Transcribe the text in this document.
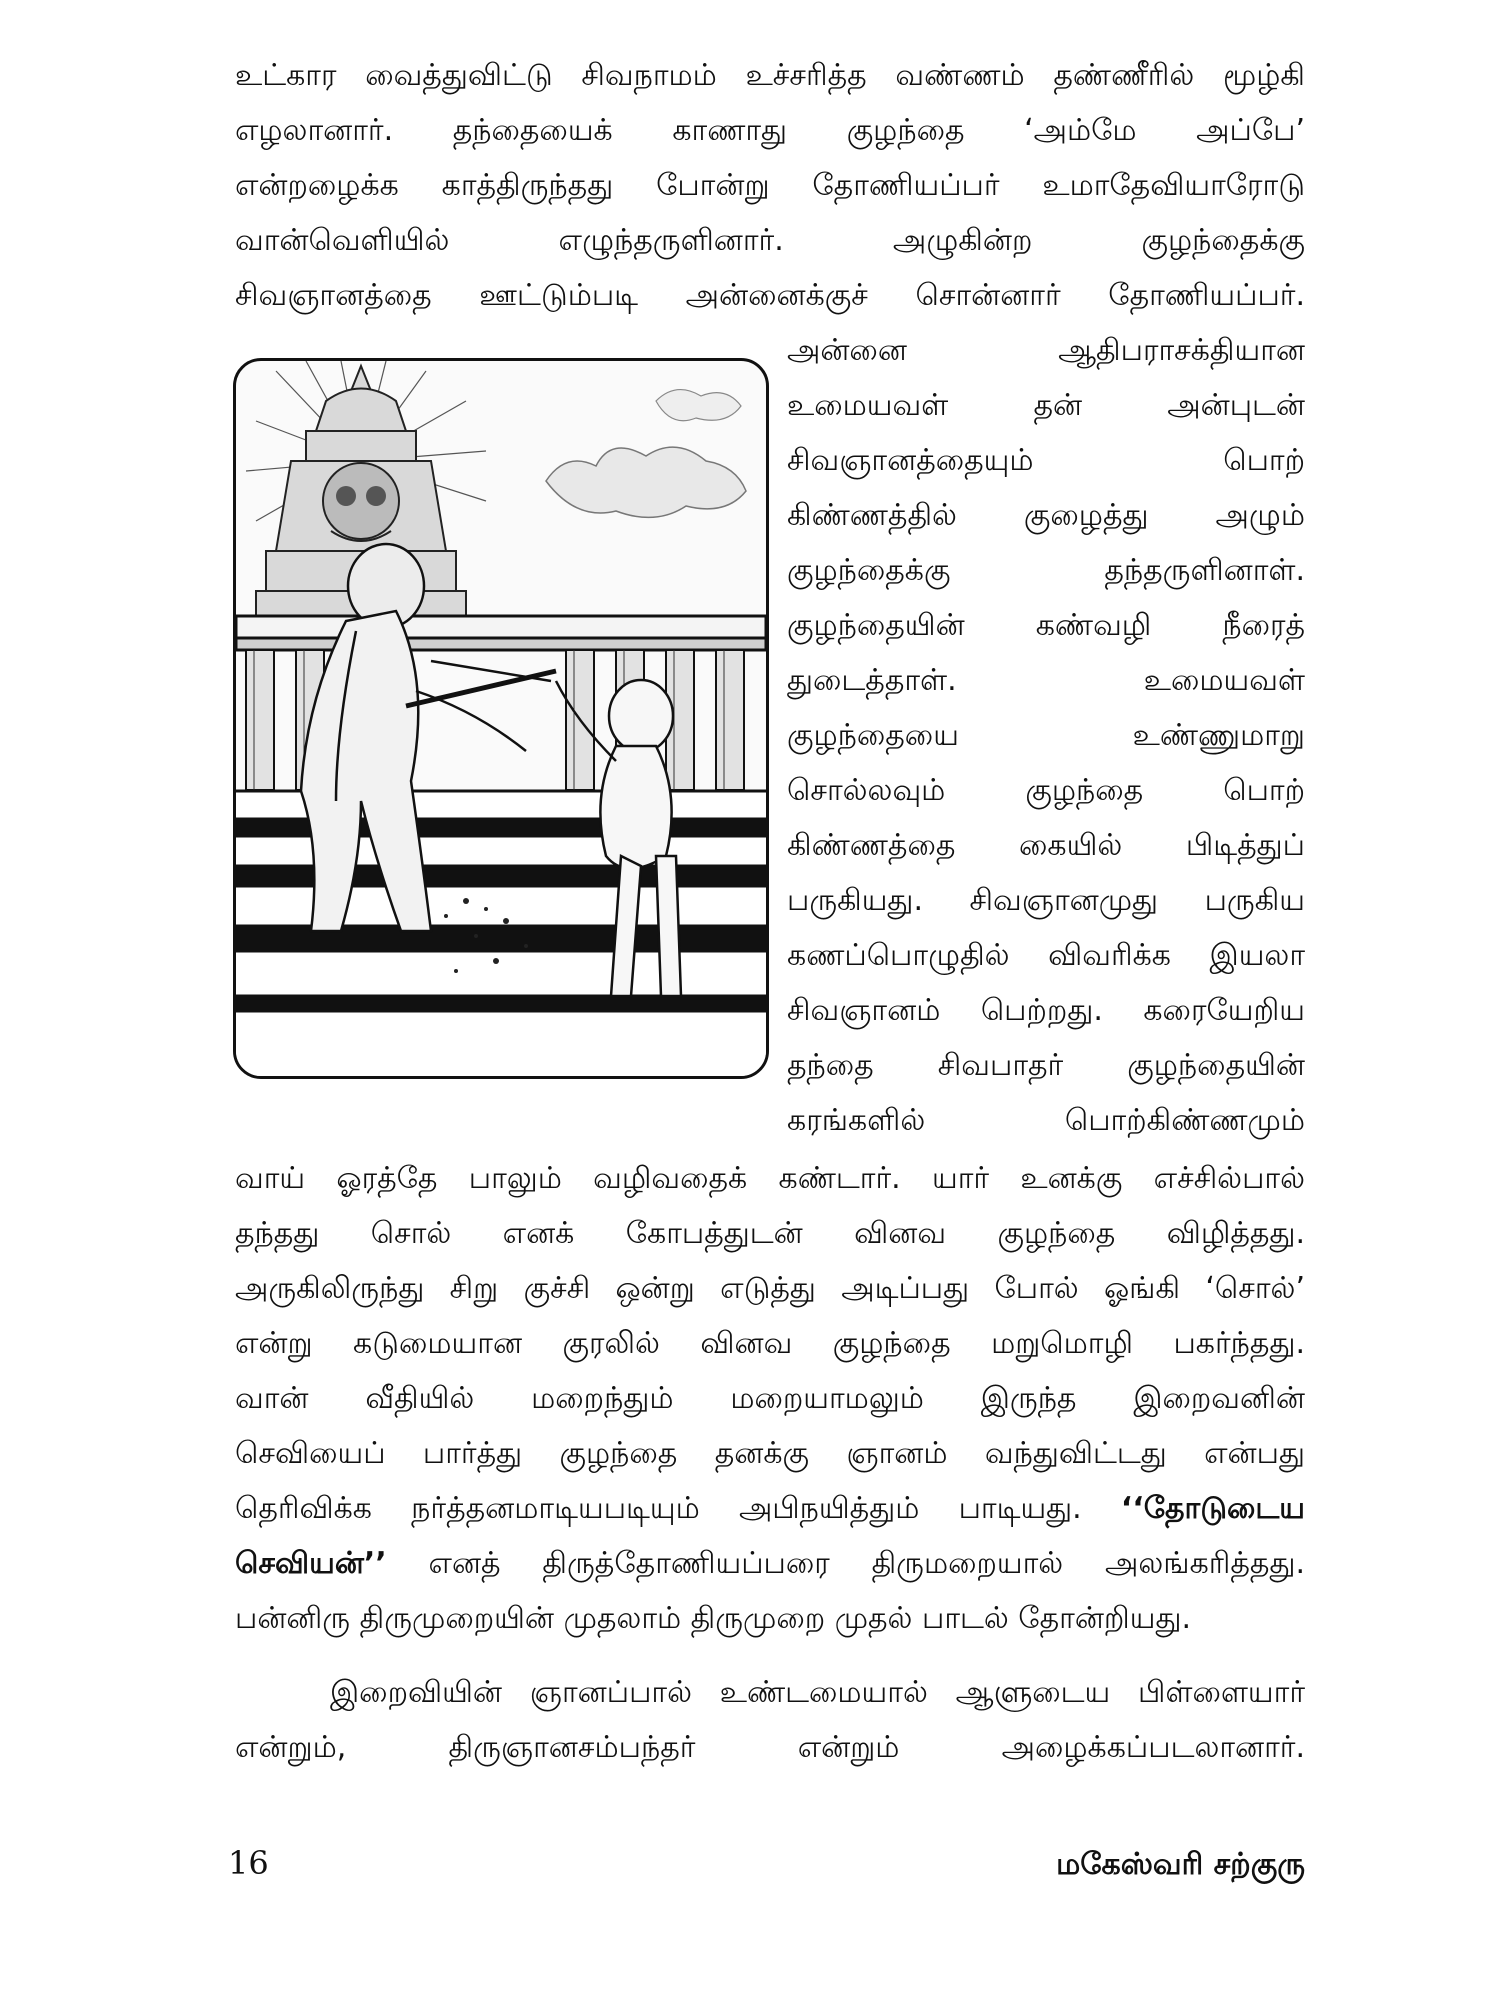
உட்கார வைத்துவிட்டு சிவநாமம் உச்சரித்த வண்ணம் தண்ணீரில் மூழ்கி
எழலானார். தந்தையைக் காணாது குழந்தை ‘அம்மே அப்பே’
என்றழைக்க காத்திருந்தது போன்று தோணியப்பர் உமாதேவியாரோடு
வான்வெளியில் எழுந்தருளினார். அழுகின்ற குழந்தைக்கு
சிவஞானத்தை ஊட்டும்படி அன்னைக்குச் சொன்னார் தோணியப்பர்.
அன்னை ஆதிபராசக்தியான
உமையவள் தன் அன்புடன்
சிவஞானத்தையும் பொற்
கிண்ணத்தில் குழைத்து அழும்
குழந்தைக்கு தந்தருளினாள்.
குழந்தையின் கண்வழி நீரைத்
துடைத்தாள். உமையவள்
குழந்தையை உண்ணுமாறு
சொல்லவும் குழந்தை பொற்
கிண்ணத்தை கையில் பிடித்துப்
பருகியது. சிவஞானமுது பருகிய
கணப்பொழுதில் விவரிக்க இயலா
சிவஞானம் பெற்றது. கரையேறிய
தந்தை சிவபாதர் குழந்தையின்
கரங்களில் பொற்கிண்ணமும்
வாய் ஓரத்தே பாலும் வழிவதைக் கண்டார். யார் உனக்கு எச்சில்பால்
தந்தது சொல் எனக் கோபத்துடன் வினவ குழந்தை விழித்தது.
அருகிலிருந்து சிறு குச்சி ஒன்று எடுத்து அடிப்பது போல் ஓங்கி ‘சொல்’
என்று கடுமையான குரலில் வினவ குழந்தை மறுமொழி பகர்ந்தது.
வான் வீதியில் மறைந்தும் மறையாமலும் இருந்த இறைவனின்
செவியைப் பார்த்து குழந்தை தனக்கு ஞானம் வந்துவிட்டது என்பது
தெரிவிக்க நர்த்தனமாடியபடியும் அபிநயித்தும் பாடியது. ‘‘தோடுடைய
செவியன்’’ எனத் திருத்தோணியப்பரை திருமறையால் அலங்கரித்தது.
பன்னிரு திருமுறையின் முதலாம் திருமுறை முதல் பாடல் தோன்றியது.
இறைவியின் ஞானப்பால் உண்டமையால் ஆளுடைய பிள்ளையார்
என்றும், திருஞானசம்பந்தர் என்றும் அழைக்கப்படலானார்.
16	மகேஸ்வரி சற்குரு
